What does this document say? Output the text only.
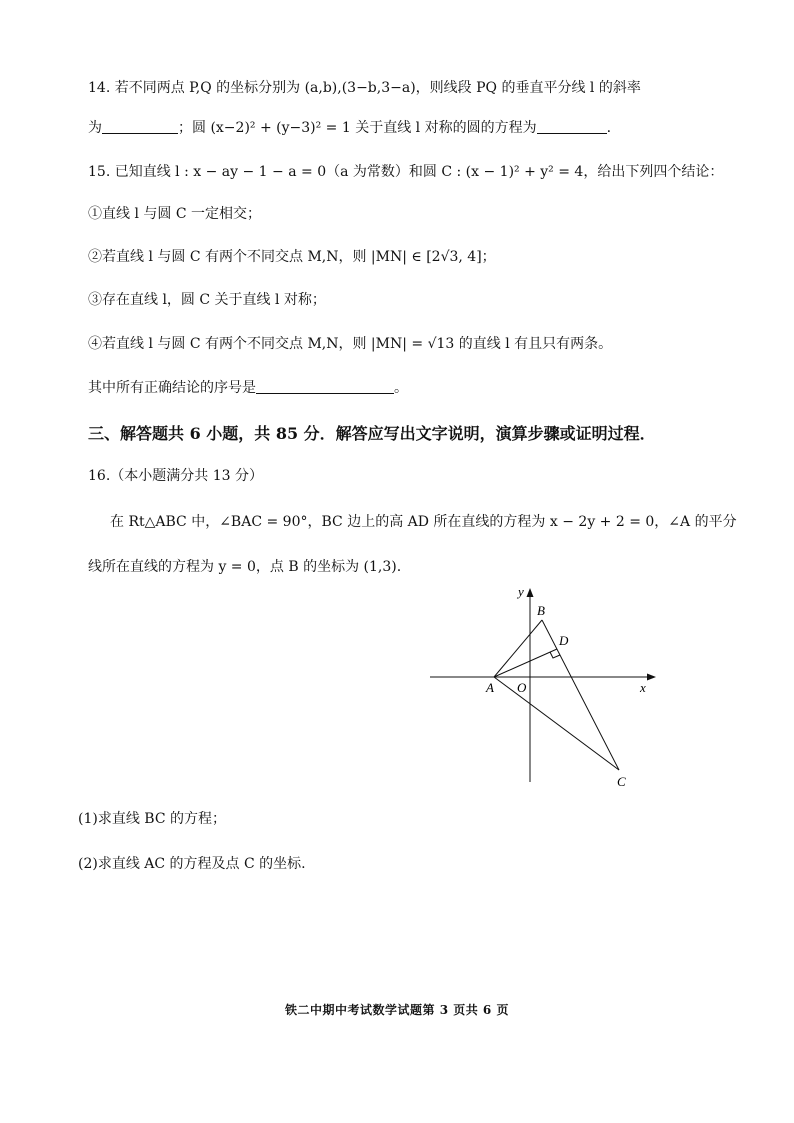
14. 若不同两点 P,Q 的坐标分别为 (a,b),(3−b,3−a)，则线段 PQ 的垂直平分线 l 的斜率
为	；圆 (x−2)² + (y−3)² = 1 关于直线 l 对称的圆的方程为	.
15. 已知直线 l : x − ay − 1 − a = 0（a 为常数）和圆 C : (x − 1)² + y² = 4，给出下列四个结论：
①直线 l 与圆 C 一定相交；
②若直线 l 与圆 C 有两个不同交点 M,N，则 |MN| ∈ [2√3, 4]；
③存在直线 l，圆 C 关于直线 l 对称；
④若直线 l 与圆 C 有两个不同交点 M,N，则 |MN| = √13 的直线 l 有且只有两条。
其中所有正确结论的序号是	。
三、解答题共 6 小题，共 85 分．解答应写出文字说明，演算步骤或证明过程．
16.（本小题满分共 13 分）
在 Rt△ABC 中，∠BAC = 90°，BC 边上的高 AD 所在直线的方程为 x − 2y + 2 = 0，∠A 的平分
线所在直线的方程为 y = 0，点 B 的坐标为 (1,3).
y
x
B
D
A O
C
(1)求直线 BC 的方程；
(2)求直线 AC 的方程及点 C 的坐标.
铁二中期中考试数学试题第 3 页共 6 页
